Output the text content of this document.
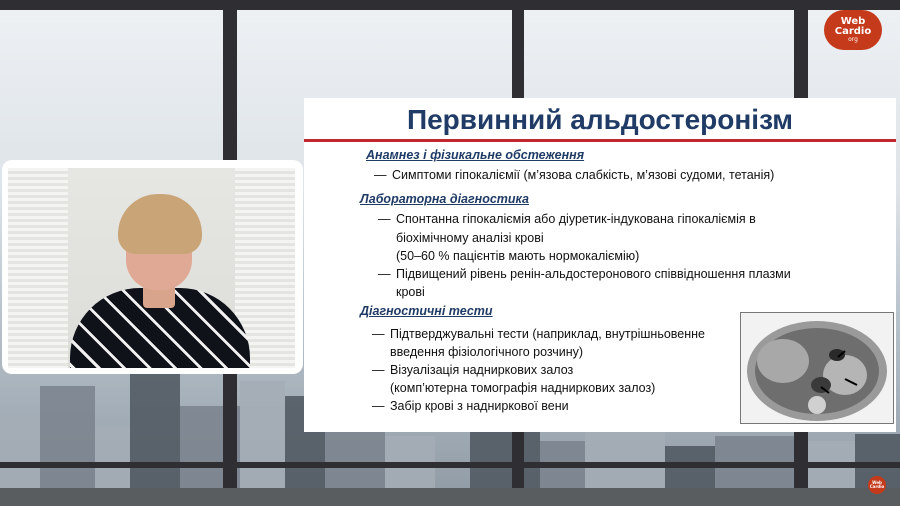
Web
Cardio
org
Первинний альдостеронізм
Анамнез і фізикальне обстеження
— Симптоми гіпокаліємії (м’язова слабкість, м’язові судоми, тетанія)
Лабораторна діагностика
— Спонтанна гіпокаліємія або діуретик-індукована гіпокаліємія в
біохімічному аналізі крові
(50–60 % пацієнтів мають нормокаліємію)
— Підвищений рівень ренін-альдостеронового співвідношення плазми
крові
Діагностичні тести
— Підтверджувальні тести (наприклад, внутрішньовенне
введення фізіологічного розчину)
— Візуалізація надниркових залоз
(комп’ютерна томографія надниркових залоз)
— Забір крові з надниркової вени
Web
Cardio
